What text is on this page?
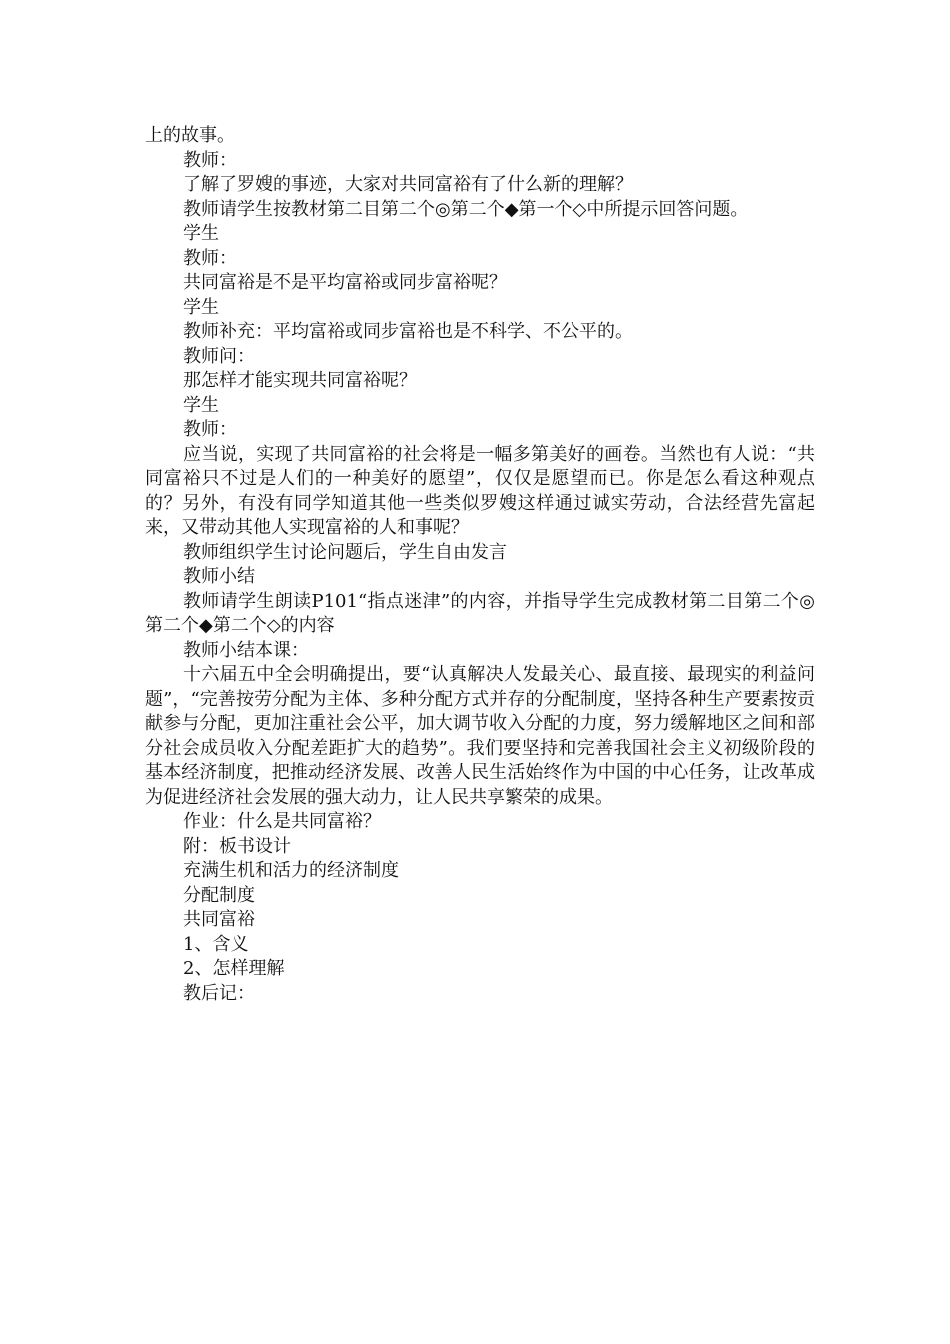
上的故事。

教师：

了解了罗嫂的事迹，大家对共同富裕有了什么新的理解？

教师请学生按教材第二目第二个◎第二个◆第一个◇中所提示回答问题。

学生

教师：

共同富裕是不是平均富裕或同步富裕呢？

学生

教师补充：平均富裕或同步富裕也是不科学、不公平的。

教师问：

那怎样才能实现共同富裕呢？

学生

教师：

应当说，实现了共同富裕的社会将是一幅多第美好的画卷。当然也有人说：“共同富裕只不过是人们的一种美好的愿望”，仅仅是愿望而已。你是怎么看这种观点的？另外，有没有同学知道其他一些类似罗嫂这样通过诚实劳动，合法经营先富起来，又带动其他人实现富裕的人和事呢？

教师组织学生讨论问题后，学生自由发言

教师小结

教师请学生朗读P101“指点迷津”的内容，并指导学生完成教材第二目第二个◎第二个◆第二个◇的内容

教师小结本课：

十六届五中全会明确提出，要“认真解决人发最关心、最直接、最现实的利益问题”，“完善按劳分配为主体、多种分配方式并存的分配制度，坚持各种生产要素按贡献参与分配，更加注重社会公平，加大调节收入分配的力度，努力缓解地区之间和部分社会成员收入分配差距扩大的趋势”。我们要坚持和完善我国社会主义初级阶段的基本经济制度，把推动经济发展、改善人民生活始终作为中国的中心任务，让改革成为促进经济社会发展的强大动力，让人民共享繁荣的成果。

作业：什么是共同富裕？

附：板书设计

充满生机和活力的经济制度

分配制度

共同富裕

1、含义

2、怎样理解

教后记：
